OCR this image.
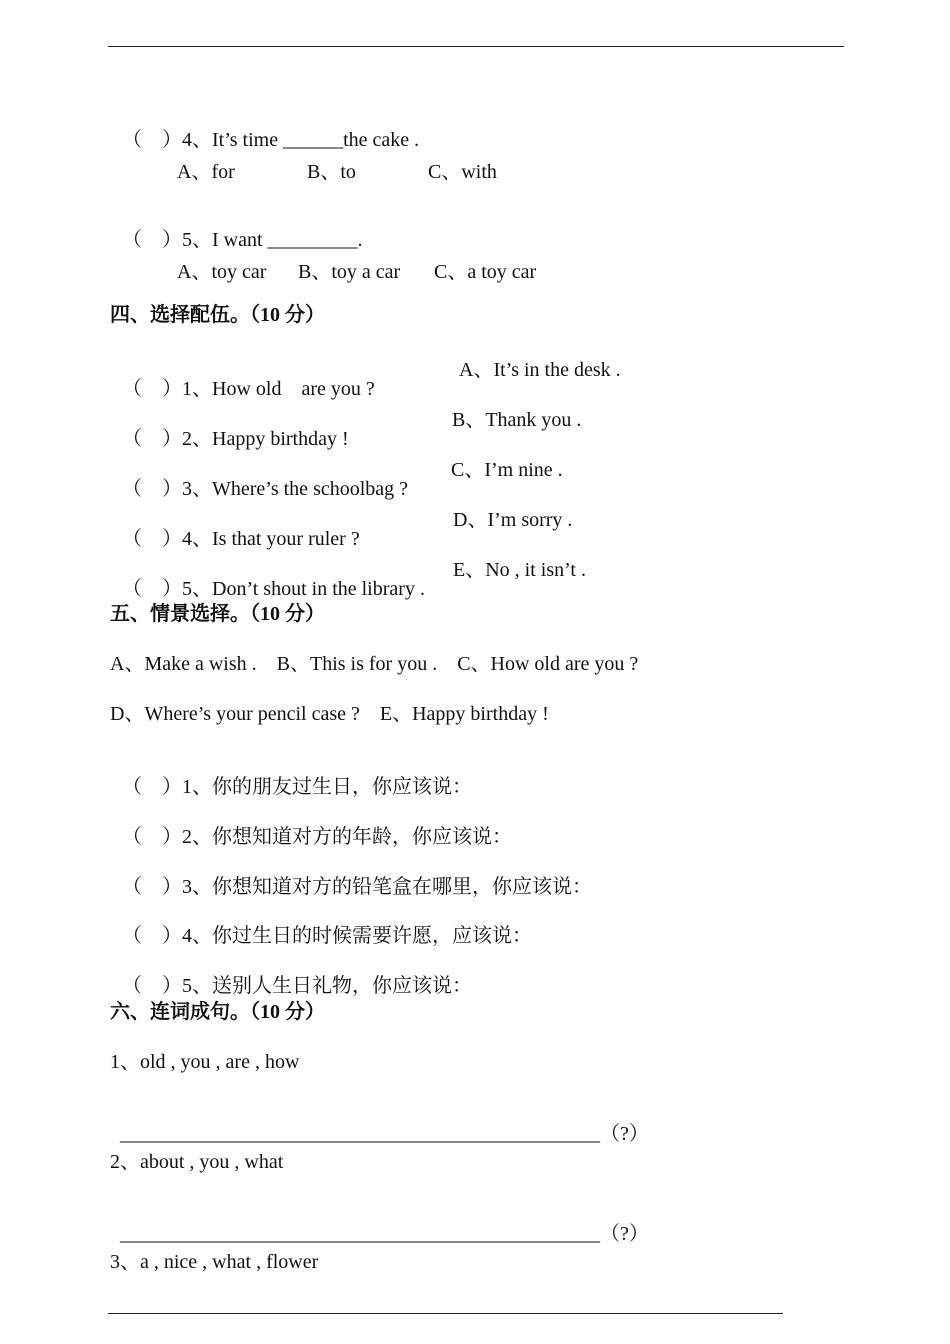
（    ）4、It’s time ______the cake .

A、for	B、to	C、with

（    ）5、I want _________.

A、toy car B、toy a car C、a toy car
四、选择配伍。（10 分）

（    ）1、How old    are you ?

A、It’s in the desk .

（    ）2、Happy birthday !

B、Thank you .

（    ）3、Where’s the schoolbag ?

C、I’m nine .

（    ）4、Is that your ruler ?

D、I’m sorry .

（    ）5、Don’t shout in the library .

E、No , it isn’t .
五、情景选择。（10 分）
A、Make a wish .    B、This is for you .    C、How old are you ?
D、Where’s your pencil case ?    E、Happy birthday !

（    ）1、你的朋友过生日，你应该说：

（    ）2、你想知道对方的年龄，你应该说：

（    ）3、你想知道对方的铅笔盒在哪里，你应该说：

（    ）4、你过生日的时候需要许愿，应该说：

（    ）5、送别人生日礼物，你应该说：

六、连词成句。（10 分）
1、old , you , are , how

________________________________________________（?）

2、about , you , what

________________________________________________（?）

3、a , nice , what , flower
